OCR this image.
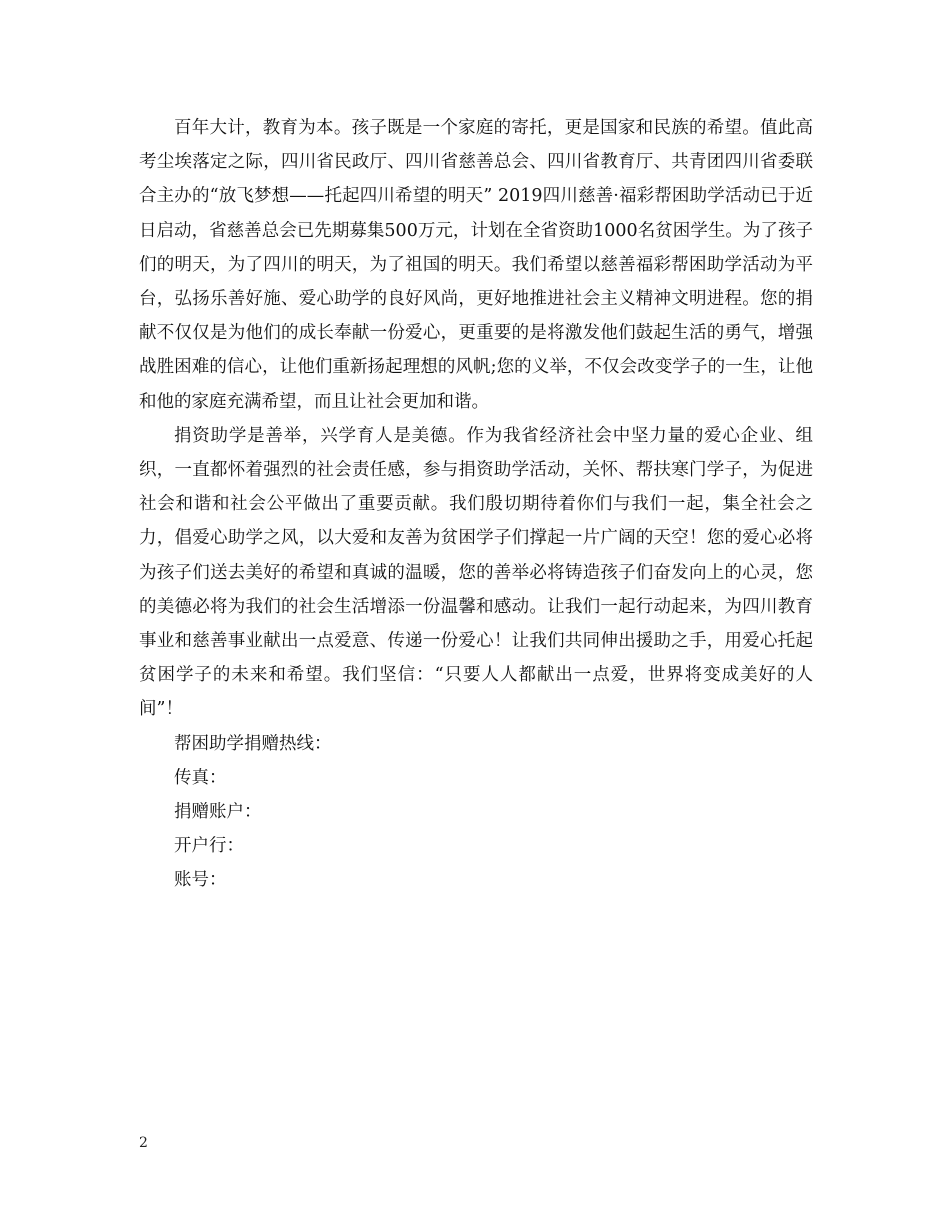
百年大计，教育为本。孩子既是一个家庭的寄托，更是国家和民族的希望。值此高考尘埃落定之际，四川省民政厅、四川省慈善总会、四川省教育厅、共青团四川省委联合主办的“放飞梦想——托起四川希望的明天” 2019四川慈善·福彩帮困助学活动已于近日启动，省慈善总会已先期募集500万元，计划在全省资助1000名贫困学生。为了孩子们的明天，为了四川的明天，为了祖国的明天。我们希望以慈善福彩帮困助学活动为平台，弘扬乐善好施、爱心助学的良好风尚，更好地推进社会主义精神文明进程。您的捐献不仅仅是为他们的成长奉献一份爱心，更重要的是将激发他们鼓起生活的勇气，增强战胜困难的信心，让他们重新扬起理想的风帆;您的义举，不仅会改变学子的一生，让他和他的家庭充满希望，而且让社会更加和谐。

捐资助学是善举，兴学育人是美德。作为我省经济社会中坚力量的爱心企业、组织，一直都怀着强烈的社会责任感，参与捐资助学活动，关怀、帮扶寒门学子，为促进社会和谐和社会公平做出了重要贡献。我们殷切期待着你们与我们一起，集全社会之力，倡爱心助学之风，以大爱和友善为贫困学子们撑起一片广阔的天空！您的爱心必将为孩子们送去美好的希望和真诚的温暖，您的善举必将铸造孩子们奋发向上的心灵，您的美德必将为我们的社会生活增添一份温馨和感动。让我们一起行动起来，为四川教育事业和慈善事业献出一点爱意、传递一份爱心！让我们共同伸出援助之手，用爱心托起贫困学子的未来和希望。我们坚信：“只要人人都献出一点爱，世界将变成美好的人间”！

帮困助学捐赠热线：

传真：

捐赠账户：

开户行：

账号：

2
